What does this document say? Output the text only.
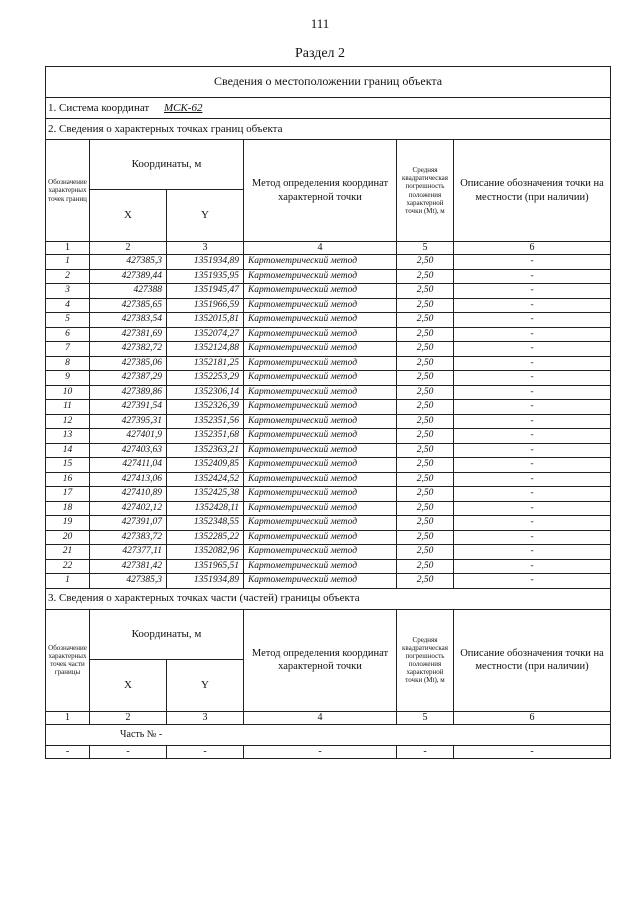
111
Раздел 2
Сведения о местоположении границ объекта					
1. Система координат МСК-62					
2. Сведения о характерных точках границ объекта					
Обозначение характерных точек границ	Координаты, м		Метод определения координат характерной точки	Средняя квадратическая погрешность положения характерной точки (Mt), м	Описание обозначения точки на местности (при наличии)
	X	Y			
1	2	3	4	5	6
1	427385,3	1351934,89	Картометрический метод	2,50	-
2	427389,44	1351935,95	Картометрический метод	2,50	-
3	427388	1351945,47	Картометрический метод	2,50	-
4	427385,65	1351966,59	Картометрический метод	2,50	-
5	427383,54	1352015,81	Картометрический метод	2,50	-
6	427381,69	1352074,27	Картометрический метод	2,50	-
7	427382,72	1352124,88	Картометрический метод	2,50	-
8	427385,06	1352181,25	Картометрический метод	2,50	-
9	427387,29	1352253,29	Картометрический метод	2,50	-
10	427389,86	1352306,14	Картометрический метод	2,50	-
11	427391,54	1352326,39	Картометрический метод	2,50	-
12	427395,31	1352351,56	Картометрический метод	2,50	-
13	427401,9	1352351,68	Картометрический метод	2,50	-
14	427403,63	1352363,21	Картометрический метод	2,50	-
15	427411,04	1352409,85	Картометрический метод	2,50	-
16	427413,06	1352424,52	Картометрический метод	2,50	-
17	427410,89	1352425,38	Картометрический метод	2,50	-
18	427402,12	1352428,11	Картометрический метод	2,50	-
19	427391,07	1352348,55	Картометрический метод	2,50	-
20	427383,72	1352285,22	Картометрический метод	2,50	-
21	427377,11	1352082,96	Картометрический метод	2,50	-
22	427381,42	1351965,51	Картометрический метод	2,50	-
1	427385,3	1351934,89	Картометрический метод	2,50	-
3. Сведения о характерных точках части (частей) границы объекта					
Обозначение характерных точек части границы	Координаты, м		Метод определения координат характерной точки	Средняя квадратическая погрешность положения характерной точки (Mt), м	Описание обозначения точки на местности (при наличии)
	X	Y			
1	2	3	4	5	6
Часть № -					
-	-	-	-	-	-
